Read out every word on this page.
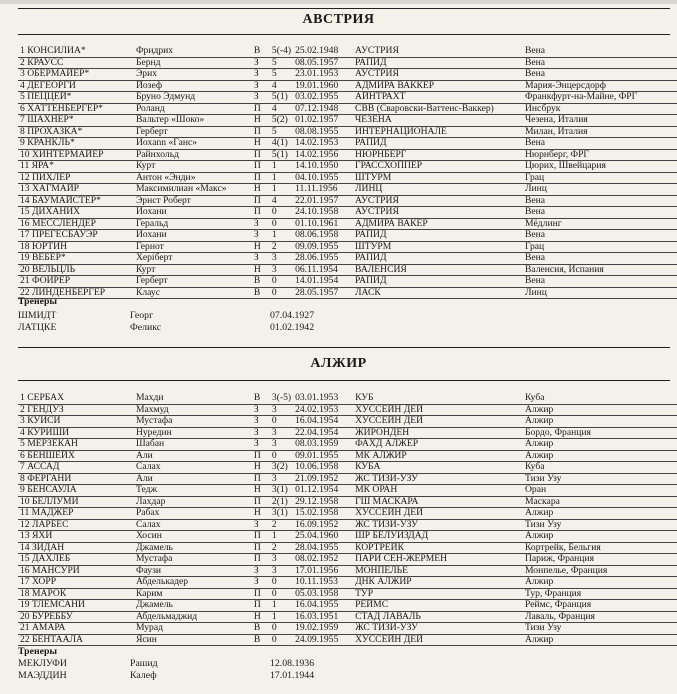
АВСТРИЯ
1 КОНСИЛИА*	Фридрих	В	5(-4)	25.02.1948	АУСТРИЯ	Вена
2 КРАУСС	Бернд	З	5	08.05.1957	РАПИД	Вена
3 ОБЕРМАЙЕР*	Эрих	З	5	23.01.1953	АУСТРИЯ	Вена
4 ДЕГЕОРГИ	Йозеф	З	4	19.01.1960	АДМИРА ВАККЕР	Мария-Энцерсдорф
5 ПЕЦЦЕЙ*	Бруно Эдмунд	З	5(1)	03.02.1955	АЙНТРАХТ	Франкфурт-на-Майне, ФРГ
6 ХАТТЕНБЕРГЕР*	Роланд	П	4	07.12.1948	СВВ (Сваровски-Ваттенс-Ваккер)	Инсбрук
7 ШАХНЕР*	Вальтер «Шоко»	Н	5(2)	01.02.1957	ЧЕЗЕНА	Чезена, Италия
8 ПРОХАЗКА*	Герберт	П	5	08.08.1955	ИНТЕРНАЦИОНАЛЕ	Милан, Италия
9 КРАНКЛЬ*	Иохann «Ганс»	Н	4(1)	14.02.1953	РАПИД	Вена
10 ХИНТЕРМАЙЕР	Райнхольд	П	5(1)	14.02.1956	НЮРНБЕРГ	Нюрнберг, ФРГ
11 ЯРА*	Курт	П	1	14.10.1950	ГРАССХОППЕР	Цюрих, Швейцария
12 ПИХЛЕР	Антон «Энди»	П	1	04.10.1955	ШТУРМ	Грац
13 ХАГМАЙР	Максимилиан «Макс»	Н	1	11.11.1956	ЛИНЦ	Линц
14 БАУМАЙСТЕР*	Эрнст Роберт	П	4	22.01.1957	АУСТРИЯ	Вена
15 ДИХАНИХ	Иохани	П	0	24.10.1958	АУСТРИЯ	Вена
16 МЕССЛЕНДЕР	Геральд	З	0	01.10.1961	АДМИРА ВАКЕР	Мёдлинг
17 ПРЕГЕСБАУЭР	Иохани	З	1	08.06.1958	РАПИД	Вена
18 ЮРТИН	Гернот	Н	2	09.09.1955	ШТУРМ	Грац
19 ВЕБЕР*	Херiберт	З	3	28.06.1955	РАПИД	Вена
20 ВЕЛЬЦЛЬ	Курт	Н	3	06.11.1954	ВАЛЕНСИЯ	Валенсия, Испания
21 ФОИРЕР	Герберт	В	0	14.01.1954	РАПИД	Вена
22 ЛИНДЕНБЕРГЕР	Клаус	В	0	28.05.1957	ЛАСК	Линц
Тренеры
ШМИДТ	Георг	07.04.1927
ЛАТЦКЕ	Феликс	01.02.1942
АЛЖИР
1 СЕРБАХ	Махди	В	3(-5)	03.01.1953	КУБ	Куба
2 ГЕНДУЗ	Махмуд	З	3	24.02.1953	ХУССЕЙН ДЕЙ	Алжир
3 КУИСИ	Мустафа	З	0	16.04.1954	ХУССЕЙН ДЕЙ	Алжир
4 КУРИШИ	Нуредин	З	3	22.04.1954	ЖИРОНДЕН	Бордо, Франция
5 МЕРЗЕКАН	Шабан	З	3	08.03.1959	ФАХД АЛЖЕР	Алжир
6 БЕНШЕЙХ	Али	П	0	09.01.1955	МК АЛЖИР	Алжир
7 АССАД	Салах	Н	3(2)	10.06.1958	КУБА	Куба
8 ФЕРГАНИ	Али	П	3	21.09.1952	ЖС ТИЗИ-УЗУ	Тизи Узу
9 БЕНСАУЛА	Тедж	Н	3(1)	01.12.1954	МК ОРАН	Оран
10 БЕЛЛУМИ	Лахдар	П	2(1)	29.12.1958	ГШ МАСКАРА	Маскара
11 МАДЖЕР	Рабах	Н	3(1)	15.02.1958	ХУССЕЙН ДЕЙ	Алжир
12 ЛАРБЕС	Салах	З	2	16.09.1952	ЖС ТИЗИ-УЗУ	Тизи Узу
13 ЯХИ	Хосин	П	1	25.04.1960	ШР БЕЛУИЗДАД	Алжир
14 ЗИДАН	Джамель	П	2	28.04.1955	КОРТРЕЙК	Кортрейк, Бельгия
15 ДАХЛЕБ	Мустафа	П	3	08.02.1952	ПАРИ СЕН-ЖЕРМЕН	Париж, Франция
16 МАНСУРИ	Фаузи	З	3	17.01.1956	МОНПЕЛЬЕ	Монпелье, Франция
17 ХОРР	Абделькадер	З	0	10.11.1953	ДНК АЛЖИР	Алжир
18 МАРОК	Карим	П	0	05.03.1958	ТУР	Тур, Франция
19 ТЛЕМСАНИ	Джамель	П	1	16.04.1955	РЕЙМС	Реймс, Франция
20 БУРЕББУ	Абдельмаджид	Н	1	16.03.1951	СТАД ЛАВАЛЬ	Лаваль, Франция
21 АМАРА	Мурад	В	0	19.02.1959	ЖС ТИЗИ-УЗУ	Тизи Узу
22 БЕНТААЛА	Ясин	В	0	24.09.1955	ХУССЕЙН ДЕЙ	Алжир
Тренеры
МЕКЛУФИ	Рашид	12.08.1936
МАЭДДИН	Калеф	17.01.1944
